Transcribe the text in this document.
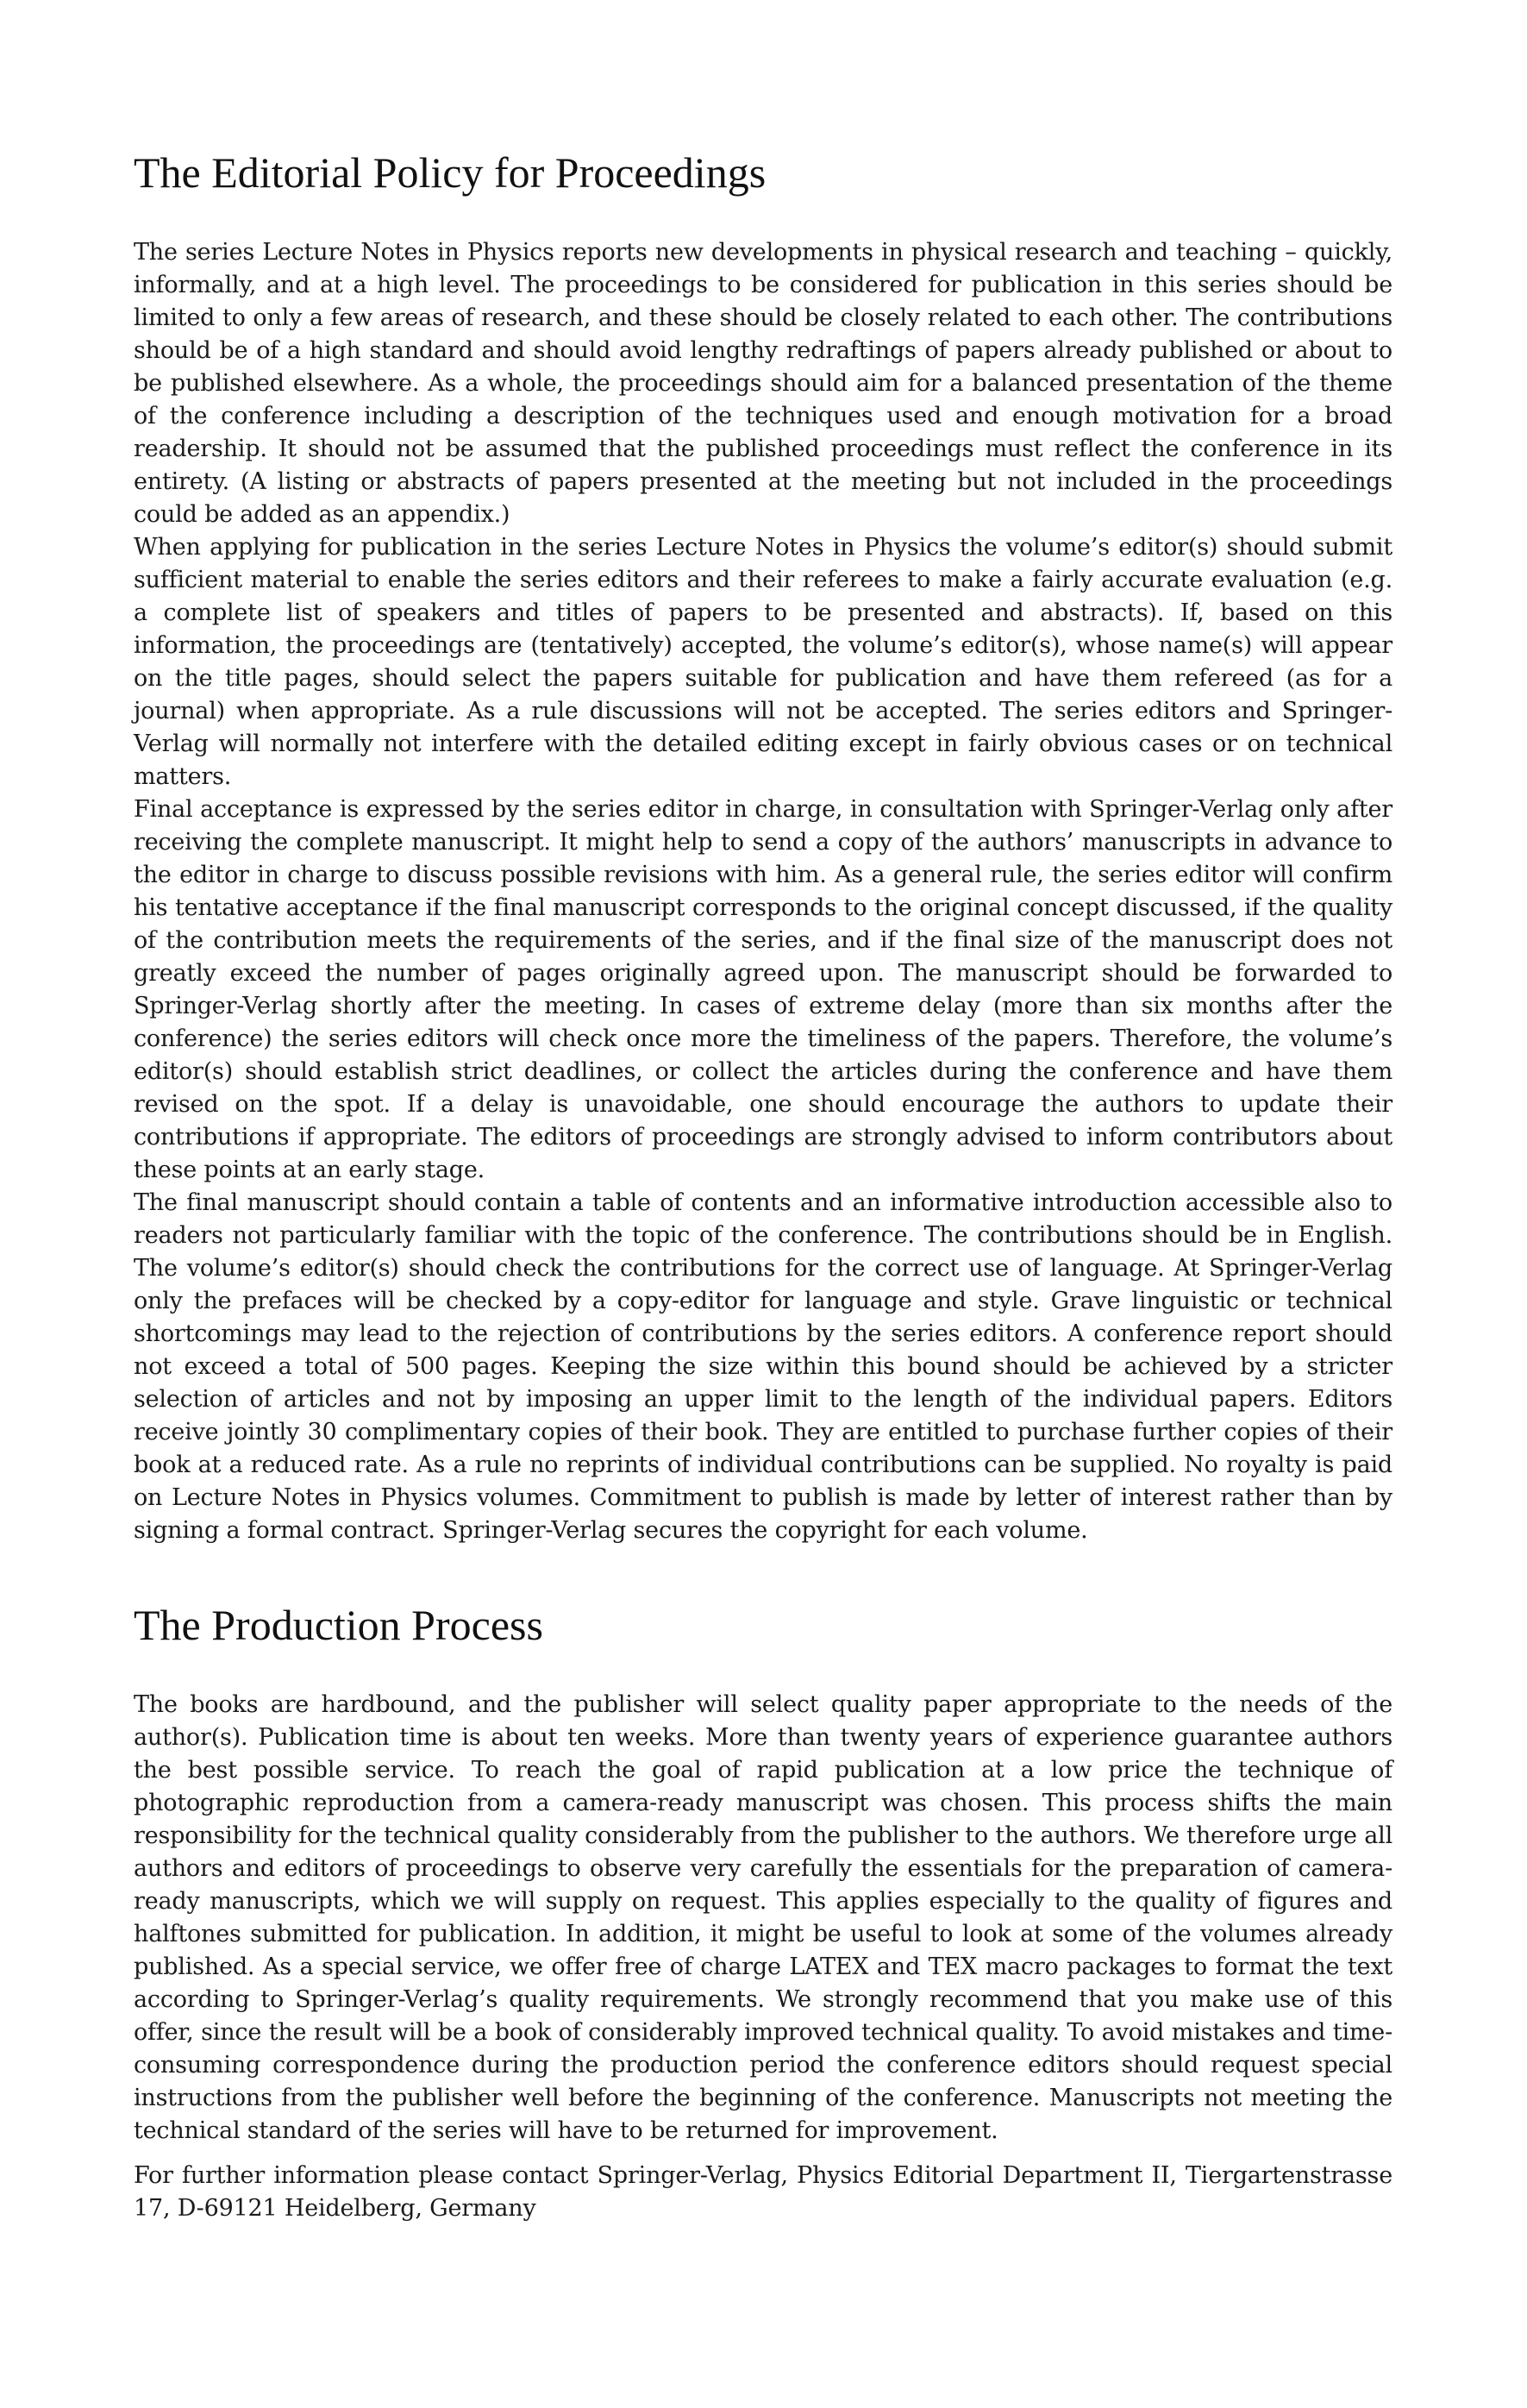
The Editorial Policy for Proceedings

The series Lecture Notes in Physics reports new developments in physical research and teaching – quickly, informally, and at a high level. The proceedings to be considered for publication in this series should be limited to only a few areas of research, and these should be closely related to each other. The contributions should be of a high standard and should avoid lengthy redraftings of papers already published or about to be published elsewhere. As a whole, the proceedings should aim for a balanced presentation of the theme of the conference including a description of the techniques used and enough motivation for a broad readership. It should not be assumed that the published proceedings must reflect the conference in its entirety. (A listing or abstracts of papers presented at the meeting but not included in the proceedings could be added as an appendix.)

When applying for publication in the series Lecture Notes in Physics the volume’s editor(s) should submit sufficient material to enable the series editors and their referees to make a fairly accurate evaluation (e.g. a complete list of speakers and titles of papers to be presented and abstracts). If, based on this information, the proceedings are (tentatively) accepted, the volume’s editor(s), whose name(s) will appear on the title pages, should select the papers suitable for publication and have them refereed (as for a journal) when appropriate. As a rule discussions will not be accepted. The series editors and Springer-Verlag will normally not interfere with the detailed editing except in fairly obvious cases or on technical matters.

Final acceptance is expressed by the series editor in charge, in consultation with Springer-Verlag only after receiving the complete manuscript. It might help to send a copy of the authors’ manuscripts in advance to the editor in charge to discuss possible revisions with him. As a general rule, the series editor will confirm his tentative acceptance if the final manuscript corresponds to the original concept discussed, if the quality of the contribution meets the requirements of the series, and if the final size of the manuscript does not greatly exceed the number of pages originally agreed upon. The manuscript should be forwarded to Springer-Verlag shortly after the meeting. In cases of extreme delay (more than six months after the conference) the series editors will check once more the timeliness of the papers. Therefore, the volume’s editor(s) should establish strict deadlines, or collect the articles during the conference and have them revised on the spot. If a delay is unavoidable, one should encourage the authors to update their contributions if appropriate. The editors of proceedings are strongly advised to inform contributors about these points at an early stage.

The final manuscript should contain a table of contents and an informative introduction accessible also to readers not particularly familiar with the topic of the conference. The contributions should be in English. The volume’s editor(s) should check the contributions for the correct use of language. At Springer-Verlag only the prefaces will be checked by a copy-editor for language and style. Grave linguistic or technical shortcomings may lead to the rejection of contributions by the series editors. A conference report should not exceed a total of 500 pages. Keeping the size within this bound should be achieved by a stricter selection of articles and not by imposing an upper limit to the length of the individual papers. Editors receive jointly 30 complimentary copies of their book. They are entitled to purchase further copies of their book at a reduced rate. As a rule no reprints of individual contributions can be supplied. No royalty is paid on Lecture Notes in Physics volumes. Commitment to publish is made by letter of interest rather than by signing a formal contract. Springer-Verlag secures the copyright for each volume.

The Production Process

The books are hardbound, and the publisher will select quality paper appropriate to the needs of the author(s). Publication time is about ten weeks. More than twenty years of experience guarantee authors the best possible service. To reach the goal of rapid publication at a low price the technique of photographic reproduction from a camera-ready manuscript was chosen. This process shifts the main responsibility for the technical quality considerably from the publisher to the authors. We therefore urge all authors and editors of proceedings to observe very carefully the essentials for the preparation of camera-ready manuscripts, which we will supply on request. This applies especially to the quality of figures and halftones submitted for publication. In addition, it might be useful to look at some of the volumes already published. As a special service, we offer free of charge LATEX and TEX macro packages to format the text according to Springer-Verlag’s quality requirements. We strongly recommend that you make use of this offer, since the result will be a book of considerably improved technical quality. To avoid mistakes and time-consuming correspondence during the production period the conference editors should request special instructions from the publisher well before the beginning of the conference. Manuscripts not meeting the technical standard of the series will have to be returned for improvement.

For further information please contact Springer-Verlag, Physics Editorial Department II, Tiergartenstrasse 17, D-69121 Heidelberg, Germany
